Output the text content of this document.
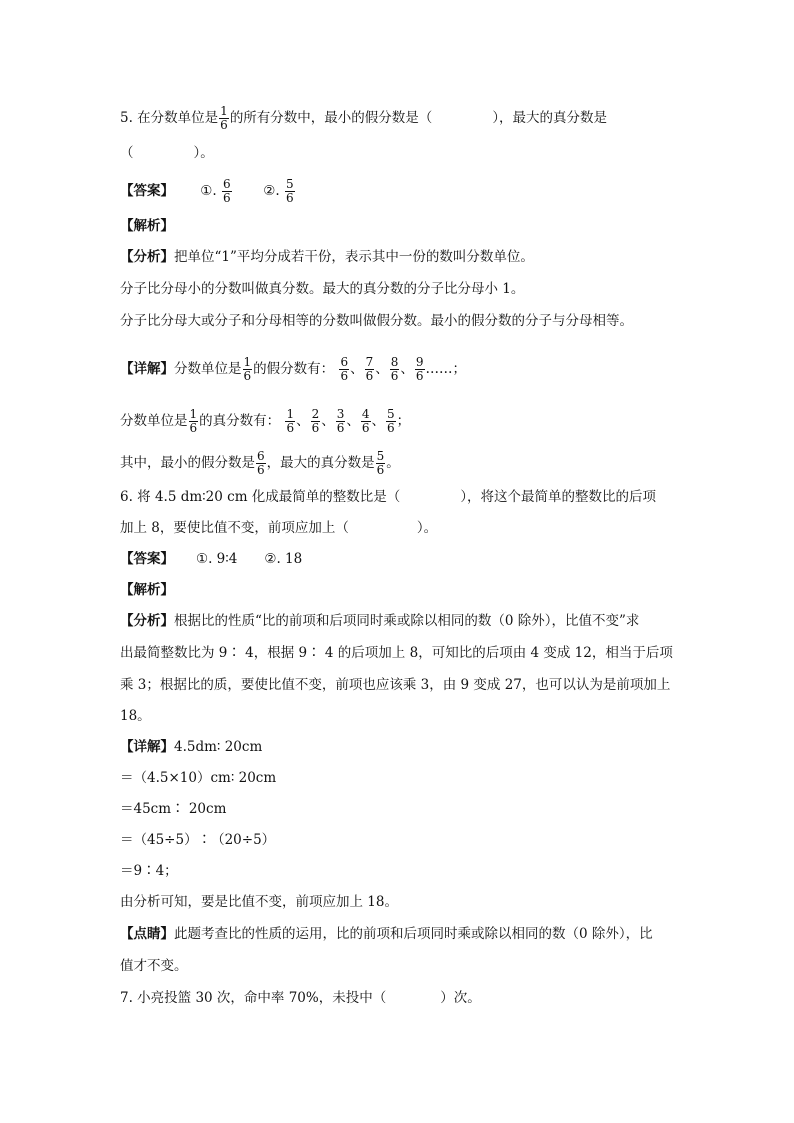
5. 在分数单位是 $\frac{1}{6}$ 的所有分数中，最小的假分数是（	），最大的真分数是
（	）。
【答案】 ①. $\frac{6}{6}$ ②. $\frac{5}{6}$
【解析】
【分析】把单位“1”平均分成若干份，表示其中一份的数叫分数单位。
分子比分母小的分数叫做真分数。最大的真分数的分子比分母小 1。
分子比分母大或分子和分母相等的分数叫做假分数。最小的假分数的分子与分母相等。
【详解】分数单位是 $\frac{1}{6}$ 的假分数有： $\frac{6}{6}$ 、 $\frac{7}{6}$ 、 $\frac{8}{6}$ 、 $\frac{9}{6}$ ……；
分数单位是 $\frac{1}{6}$ 的真分数有： $\frac{1}{6}$ 、 $\frac{2}{6}$ 、 $\frac{3}{6}$ 、 $\frac{4}{6}$ 、 $\frac{5}{6}$ ；
其中，最小的假分数是 $\frac{6}{6}$ ，最大的真分数是 $\frac{5}{6}$ 。
6. 将 4.5 dm∶20 cm 化成最简单的整数比是（	），将这个最简单的整数比的后项
加上 8，要使比值不变，前项应加上（	）。
【答案】 ①. 9∶4　　②. 18
【解析】
【分析】根据比的性质“比的前项和后项同时乘或除以相同的数（0 除外），比值不变”求
出最简整数比为 9∶ 4，根据 9∶ 4 的后项加上 8，可知比的后项由 4 变成 12，相当于后项
乘 3；根据比的质，要使比值不变，前项也应该乘 3，由 9 变成 27，也可以认为是前项加上
18。
【详解】4.5dm∶ 20cm
＝（4.5×10）cm∶ 20cm
＝45cm∶ 20cm
＝（45÷5）∶（20÷5）
＝9∶4；
由分析可知，要是比值不变，前项应加上 18。
【点睛】此题考查比的性质的运用，比的前项和后项同时乘或除以相同的数（0 除外），比
值才不变。
7. 小亮投篮 30 次，命中率 70%，未投中（	）次。
